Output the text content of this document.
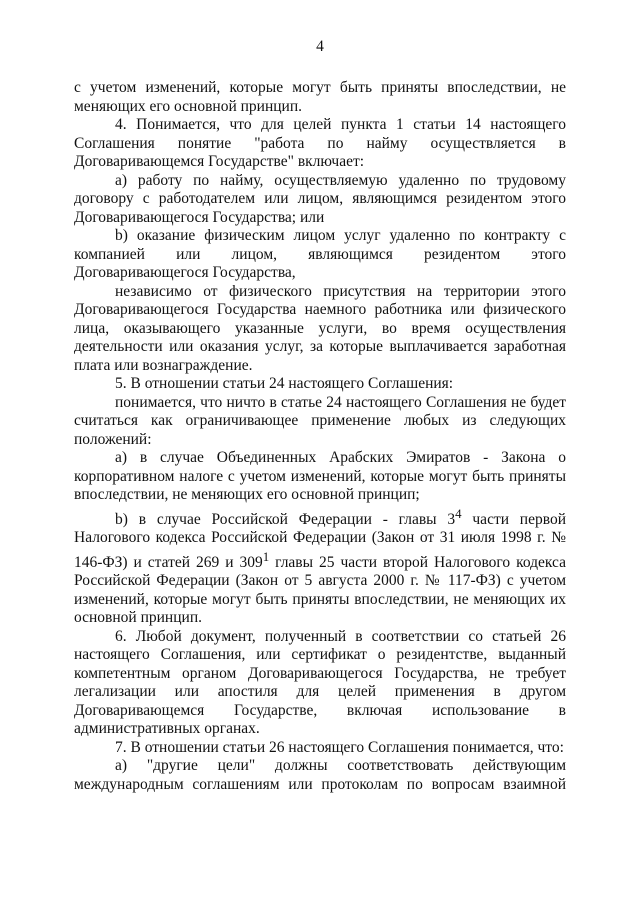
4

с учетом изменений, которые могут быть приняты впоследствии, не меняющих его основной принцип.

4. Понимается, что для целей пункта 1 статьи 14 настоящего Соглашения понятие "работа по найму осуществляется в Договаривающемся Государстве" включает:

a) работу по найму, осуществляемую удаленно по трудовому договору с работодателем или лицом, являющимся резидентом этого Договаривающегося Государства; или

b) оказание физическим лицом услуг удаленно по контракту с компанией или лицом, являющимся резидентом этого Договаривающегося Государства,

независимо от физического присутствия на территории этого Договаривающегося Государства наемного работника или физического лица, оказывающего указанные услуги, во время осуществления деятельности или оказания услуг, за которые выплачивается заработная плата или вознаграждение.

5. В отношении статьи 24 настоящего Соглашения:

понимается, что ничто в статье 24 настоящего Соглашения не будет считаться как ограничивающее применение любых из следующих положений:

a) в случае Объединенных Арабских Эмиратов - Закона о корпоративном налоге с учетом изменений, которые могут быть приняты впоследствии, не меняющих его основной принцип;

b) в случае Российской Федерации - главы $3^4$ части первой Налогового кодекса Российской Федерации (Закон от 31 июля 1998 г. № 146-ФЗ) и статей 269 и $309^1$ главы 25 части второй Налогового кодекса Российской Федерации (Закон от 5 августа 2000 г. № 117-ФЗ) с учетом изменений, которые могут быть приняты впоследствии, не меняющих их основной принцип.

6. Любой документ, полученный в соответствии со статьей 26 настоящего Соглашения, или сертификат о резидентстве, выданный компетентным органом Договаривающегося Государства, не требует легализации или апостиля для целей применения в другом Договаривающемся Государстве, включая использование в административных органах.

7. В отношении статьи 26 настоящего Соглашения понимается, что:

a) "другие цели" должны соответствовать действующим международным соглашениям или протоколам по вопросам взаимной
